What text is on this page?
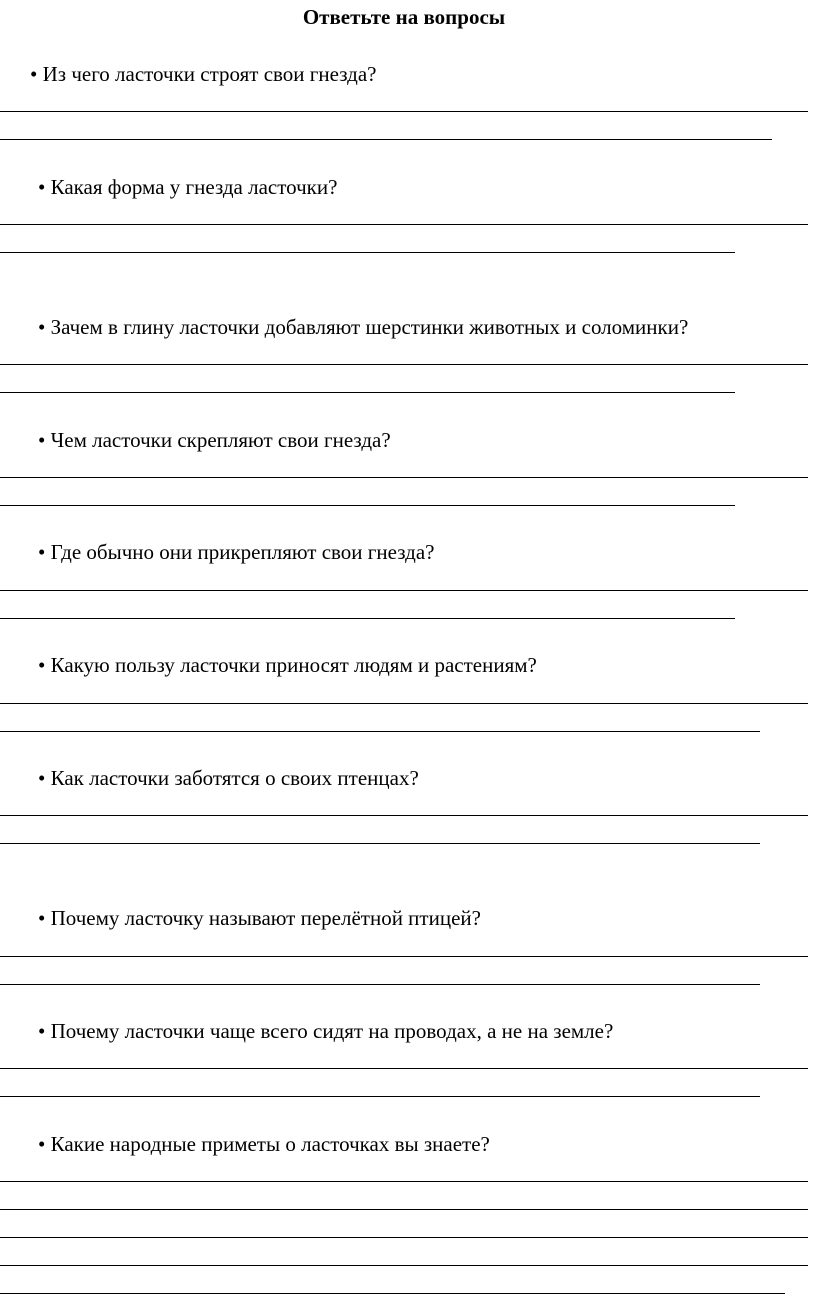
Ответьте на вопросы
• Из чего ласточки строят свои гнезда?
• Какая форма у гнезда ласточки?
• Зачем в глину ласточки добавляют шерстинки животных и соломинки?
• Чем ласточки скрепляют свои гнезда?
• Где обычно они прикрепляют свои гнезда?
• Какую пользу ласточки приносят людям и растениям?
• Как ласточки заботятся о своих птенцах?
• Почему ласточку называют перелётной птицей?
• Почему ласточки чаще всего сидят на проводах, а не на земле?
• Какие народные приметы о ласточках вы знаете?
